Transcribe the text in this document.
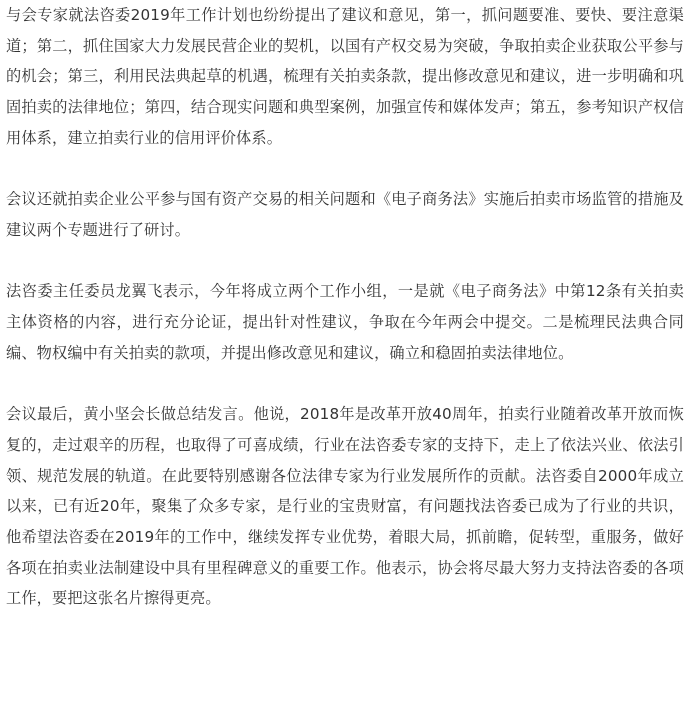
与会专家就法咨委2019年工作计划也纷纷提出了建议和意见，第一，抓问题要准、要快、要注意渠道；第二，抓住国家大力发展民营企业的契机，以国有产权交易为突破，争取拍卖企业获取公平参与的机会；第三，利用民法典起草的机遇，梳理有关拍卖条款，提出修改意见和建议，进一步明确和巩固拍卖的法律地位；第四，结合现实问题和典型案例，加强宣传和媒体发声；第五，参考知识产权信用体系，建立拍卖行业的信用评价体系。

会议还就拍卖企业公平参与国有资产交易的相关问题和《电子商务法》实施后拍卖市场监管的措施及建议两个专题进行了研讨。

法咨委主任委员龙翼飞表示，今年将成立两个工作小组，一是就《电子商务法》中第12条有关拍卖主体资格的内容，进行充分论证，提出针对性建议，争取在今年两会中提交。二是梳理民法典合同编、物权编中有关拍卖的款项，并提出修改意见和建议，确立和稳固拍卖法律地位。

会议最后，黄小坚会长做总结发言。他说，2018年是改革开放40周年，拍卖行业随着改革开放而恢复的，走过艰辛的历程，也取得了可喜成绩，行业在法咨委专家的支持下，走上了依法兴业、依法引领、规范发展的轨道。在此要特别感谢各位法律专家为行业发展所作的贡献。法咨委自2000年成立以来，已有近20年，聚集了众多专家，是行业的宝贵财富，有问题找法咨委已成为了行业的共识，他希望法咨委在2019年的工作中，继续发挥专业优势，着眼大局，抓前瞻，促转型，重服务，做好各项在拍卖业法制建设中具有里程碑意义的重要工作。他表示，协会将尽最大努力支持法咨委的各项工作，要把这张名片擦得更亮。
